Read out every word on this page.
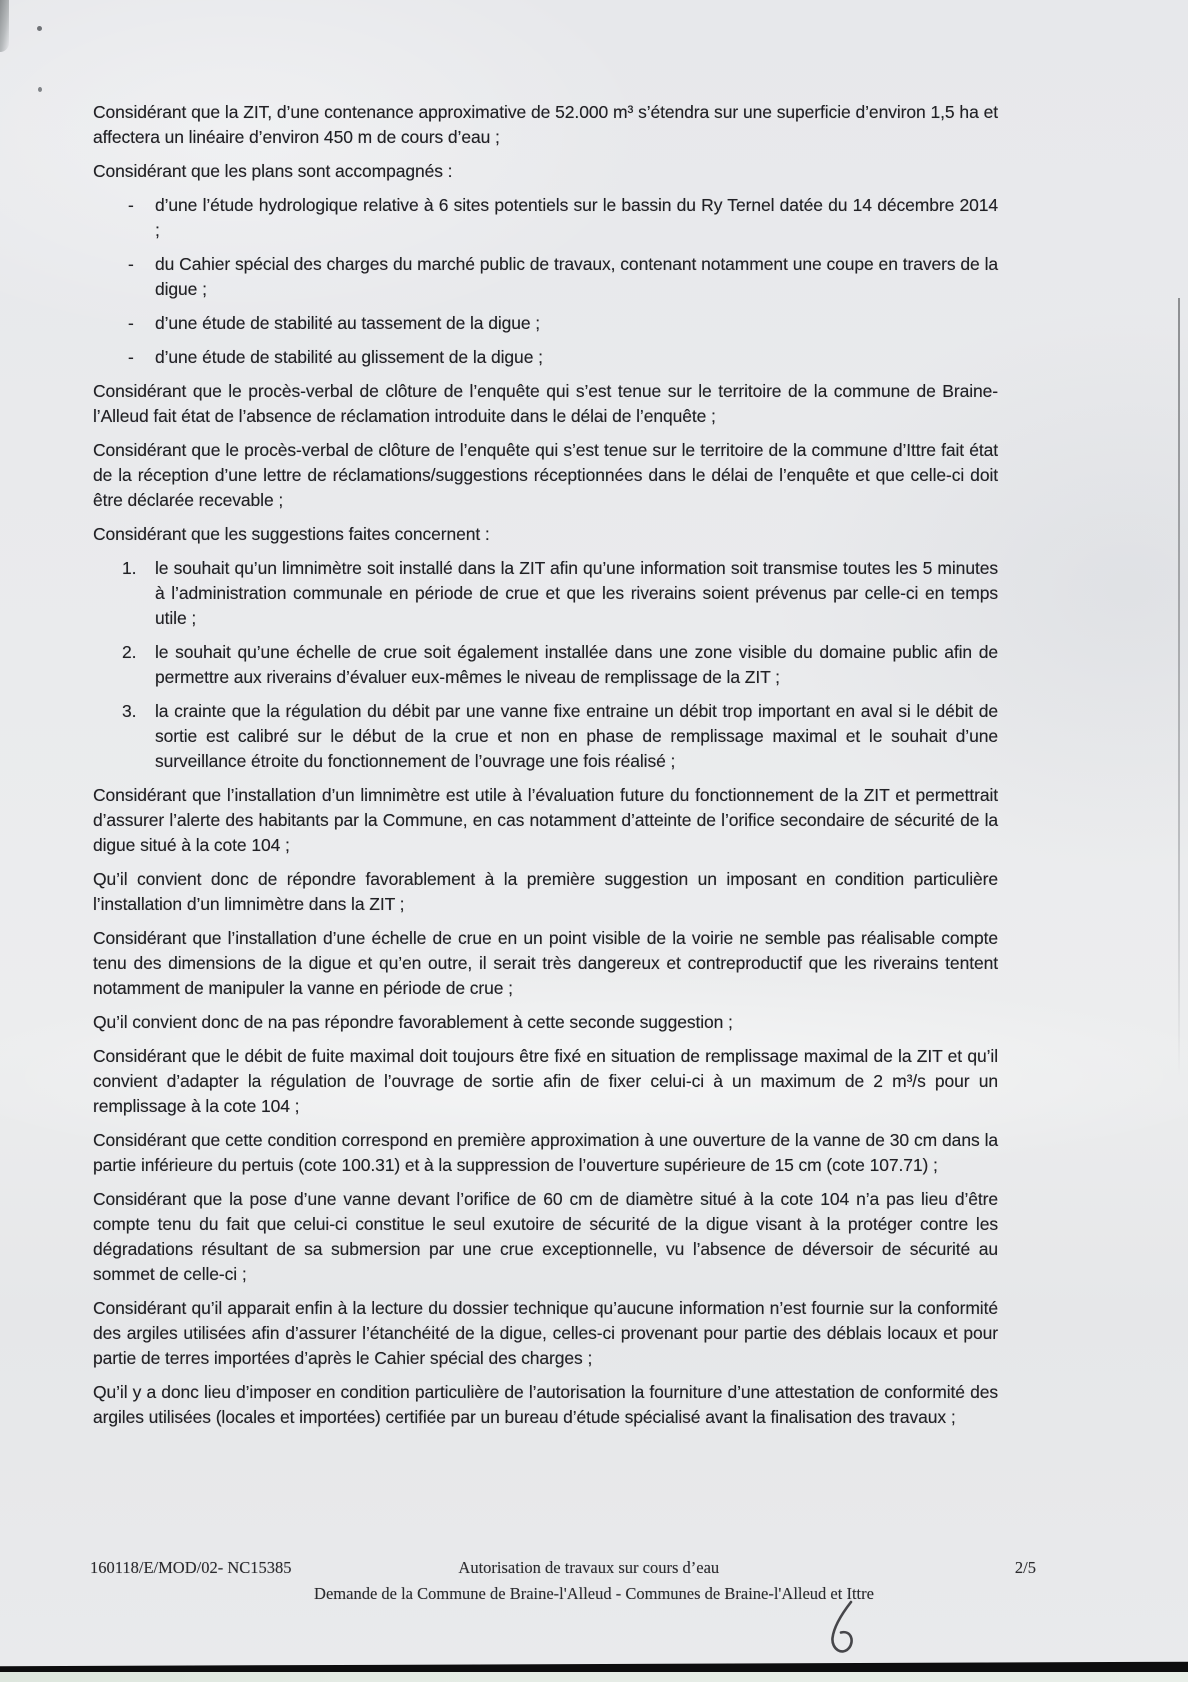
Considérant que la ZIT, d’une contenance approximative de 52.000 m³ s’étendra sur une superficie d’environ 1,5 ha et affectera un linéaire d’environ 450 m de cours d’eau ;

Considérant que les plans sont accompagnés :

-	d’une l’étude hydrologique relative à 6 sites potentiels sur le bassin du Ry Ternel datée du 14 décembre 2014 ;
-	du Cahier spécial des charges du marché public de travaux, contenant notamment une coupe en travers de la digue ;
-	d’une étude de stabilité au tassement de la digue ;
-	d’une étude de stabilité au glissement de la digue ;

Considérant que le procès-verbal de clôture de l’enquête qui s’est tenue sur le territoire de la commune de Braine-l’Alleud fait état de l’absence de réclamation introduite dans le délai de l’enquête ;

Considérant que le procès-verbal de clôture de l’enquête qui s’est tenue sur le territoire de la commune d’Ittre fait état de la réception d’une lettre de réclamations/suggestions réceptionnées dans le délai de l’enquête et que celle-ci doit être déclarée recevable ;

Considérant que les suggestions faites concernent :

1.	le souhait qu’un limnimètre soit installé dans la ZIT afin qu’une information soit transmise toutes les 5 minutes à l’administration communale en période de crue et que les riverains soient prévenus par celle-ci en temps utile ;
2.	le souhait qu’une échelle de crue soit également installée dans une zone visible du domaine public afin de permettre aux riverains d’évaluer eux-mêmes le niveau de remplissage de la ZIT ;
3.	la crainte que la régulation du débit par une vanne fixe entraine un débit trop important en aval si le débit de sortie est calibré sur le début de la crue et non en phase de remplissage maximal et le souhait d’une surveillance étroite du fonctionnement de l’ouvrage une fois réalisé ;

Considérant que l’installation d’un limnimètre est utile à l’évaluation future du fonctionnement de la ZIT et permettrait d’assurer l’alerte des habitants par la Commune, en cas notamment d’atteinte de l’orifice secondaire de sécurité de la digue situé à la cote 104 ;

Qu’il convient donc de répondre favorablement à la première suggestion un imposant en condition particulière l’installation d’un limnimètre dans la ZIT ;

Considérant que l’installation d’une échelle de crue en un point visible de la voirie ne semble pas réalisable compte tenu des dimensions de la digue et qu’en outre, il serait très dangereux et contreproductif que les riverains tentent notamment de manipuler la vanne en période de crue ;

Qu’il convient donc de na pas répondre favorablement à cette seconde suggestion ;

Considérant que le débit de fuite maximal doit toujours être fixé en situation de remplissage maximal de la ZIT et qu’il convient d’adapter la régulation de l’ouvrage de sortie afin de fixer celui-ci à un maximum de 2 m³/s pour un remplissage à la cote 104 ;

Considérant que cette condition correspond en première approximation à une ouverture de la vanne de 30 cm dans la partie inférieure du pertuis (cote 100.31) et à la suppression de l’ouverture supérieure de 15 cm (cote 107.71) ;

Considérant que la pose d’une vanne devant l’orifice de 60 cm de diamètre situé à la cote 104 n’a pas lieu d’être compte tenu du fait que celui-ci constitue le seul exutoire de sécurité de la digue visant à la protéger contre les dégradations résultant de sa submersion par une crue exceptionnelle, vu l’absence de déversoir de sécurité au sommet de celle-ci ;

Considérant qu’il apparait enfin à la lecture du dossier technique qu’aucune information n’est fournie sur la conformité des argiles utilisées afin d’assurer l’étanchéité de la digue, celles-ci provenant pour partie des déblais locaux et pour partie de terres importées d’après le Cahier spécial des charges ;

Qu’il y a donc lieu d’imposer en condition particulière de l’autorisation la fourniture d’une attestation de conformité des argiles utilisées (locales et importées) certifiée par un bureau d’étude spécialisé avant la finalisation des travaux ;

160118/E/MOD/02- NC15385	Autorisation de travaux sur cours d’eau	2/5
Demande de la Commune de Braine-l'Alleud - Communes de Braine-l'Alleud et Ittre
